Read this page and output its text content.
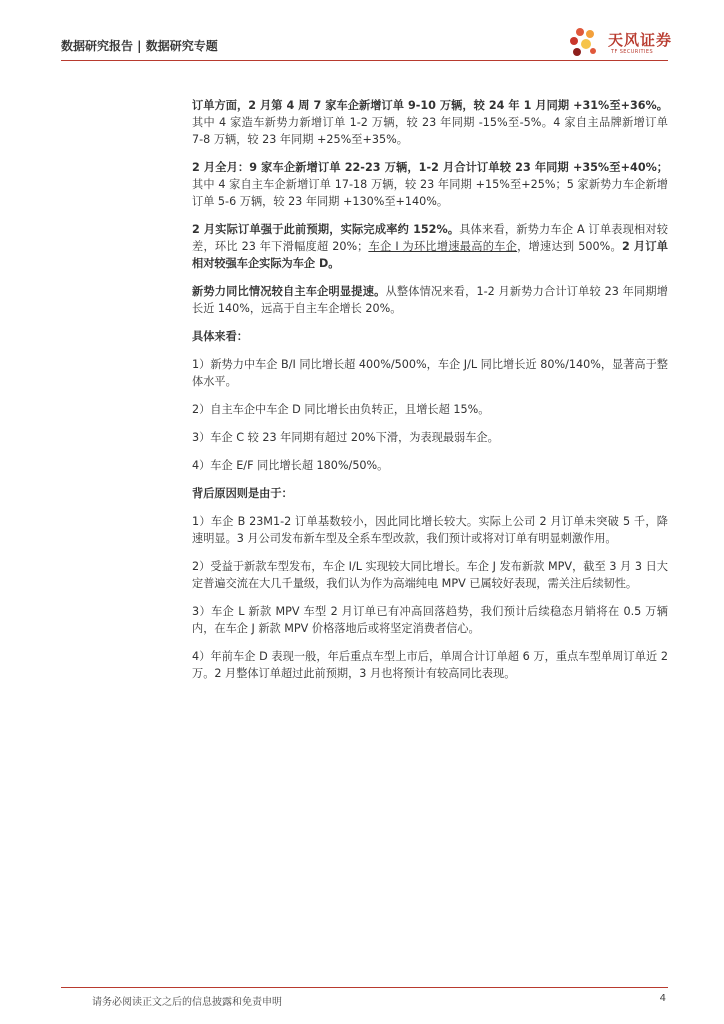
数据研究报告 | 数据研究专题	天风证券
TF SECURITIES

订单方面，2 月第 4 周 7 家车企新增订单 9-10 万辆，较 24 年 1 月同期 +31%至+36%。其中 4 家造车新势力新增订单 1-2 万辆，较 23 年同期 -15%至-5%。4 家自主品牌新增订单 7-8 万辆，较 23 年同期 +25%至+35%。

2 月全月：9 家车企新增订单 22-23 万辆，1-2 月合计订单较 23 年同期 +35%至+40%；其中 4 家自主车企新增订单 17-18 万辆，较 23 年同期 +15%至+25%；5 家新势力车企新增订单 5-6 万辆，较 23 年同期 +130%至+140%。

2 月实际订单强于此前预期，实际完成率约 152%。具体来看，新势力车企 A 订单表现相对较差，环比 23 年下滑幅度超 20%；车企 I 为环比增速最高的车企，增速达到 500%。2 月订单相对较强车企实际为车企 D。

新势力同比情况较自主车企明显提速。从整体情况来看，1-2 月新势力合计订单较 23 年同期增长近 140%，远高于自主车企增长 20%。

具体来看：

1）新势力中车企 B/I 同比增长超 400%/500%，车企 J/L 同比增长近 80%/140%，显著高于整体水平。

2）自主车企中车企 D 同比增长由负转正，且增长超 15%。

3）车企 C 较 23 年同期有超过 20%下滑，为表现最弱车企。

4）车企 E/F 同比增长超 180%/50%。

背后原因则是由于：

1）车企 B 23M1-2 订单基数较小，因此同比增长较大。实际上公司 2 月订单未突破 5 千，降速明显。3 月公司发布新车型及全系车型改款，我们预计或将对订单有明显刺激作用。

2）受益于新款车型发布，车企 I/L 实现较大同比增长。车企 J 发布新款 MPV，截至 3 月 3 日大定普遍交流在大几千量级，我们认为作为高端纯电 MPV 已属较好表现，需关注后续韧性。

3）车企 L 新款 MPV 车型 2 月订单已有冲高回落趋势，我们预计后续稳态月销将在 0.5 万辆内，在车企 J 新款 MPV 价格落地后或将坚定消费者信心。

4）年前车企 D 表现一般，年后重点车型上市后，单周合计订单超 6 万，重点车型单周订单近 2 万。2 月整体订单超过此前预期，3 月也将预计有较高同比表现。

请务必阅读正文之后的信息披露和免责申明	4
